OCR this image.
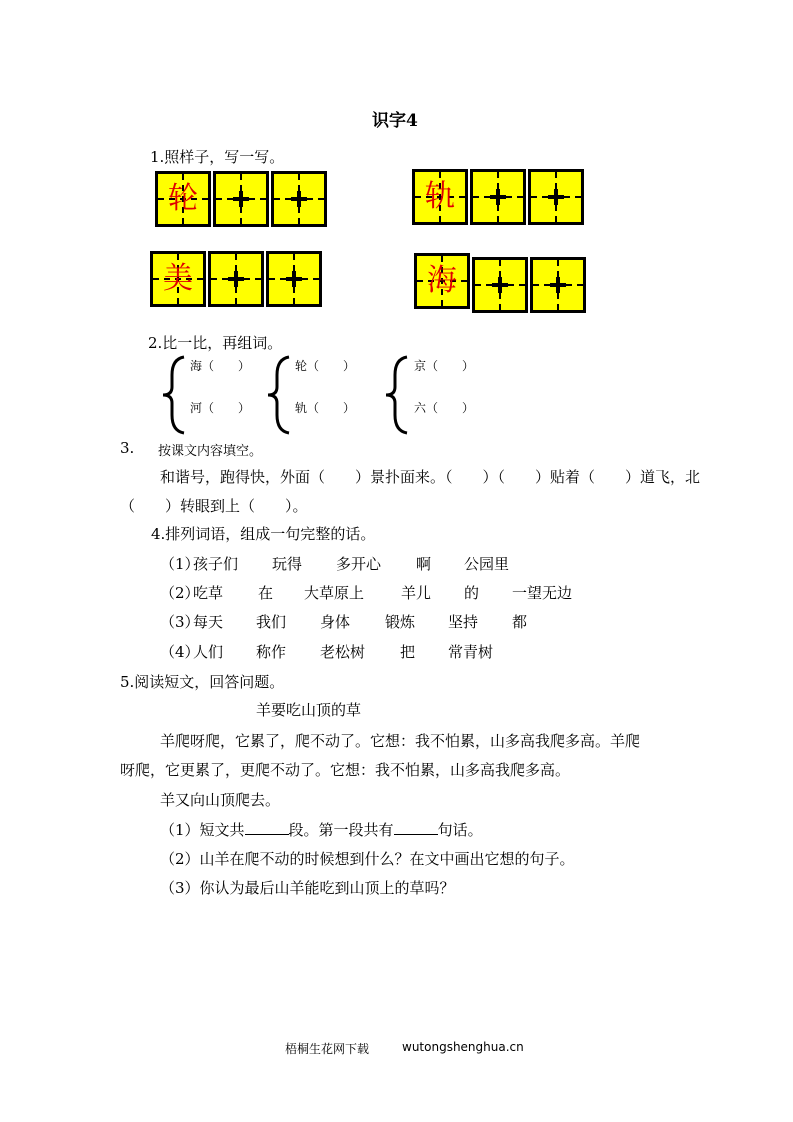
识字4
1.照样子，写一写。
轮	轨
美	海
2.比一比，再组词。
海（　　）
河（　　）
轮（　　）
轨（　　）
京（　　）
六（　　）
3. 按课文内容填空。
和谐号，跑得快，外面（　　）景扑面来。（　　）（　　）贴着（　　）道飞，北
（　　）转眼到上（　　）。
4.排列词语，组成一句完整的话。
（1）
孩子们 玩得 多开心 啊 公园里
（2）
吃草 在 大草原上 羊儿 的 一望无边
（3）
每天 我们 身体 锻炼 坚持 都
（4）
人们 称作 老松树 把 常青树
5.阅读短文，回答问题。
羊要吃山顶的草
羊爬呀爬，它累了，爬不动了。它想：我不怕累，山多高我爬多高。羊爬
呀爬，它更累了，更爬不动了。它想：我不怕累，山多高我爬多高。
羊又向山顶爬去。
（1）短文共	段。第一段共有	句话。
（2）山羊在爬不动的时候想到什么？在文中画出它想的句子。
（3）你认为最后山羊能吃到山顶上的草吗？
梧桐生花网下载	wutongshenghua.cn
